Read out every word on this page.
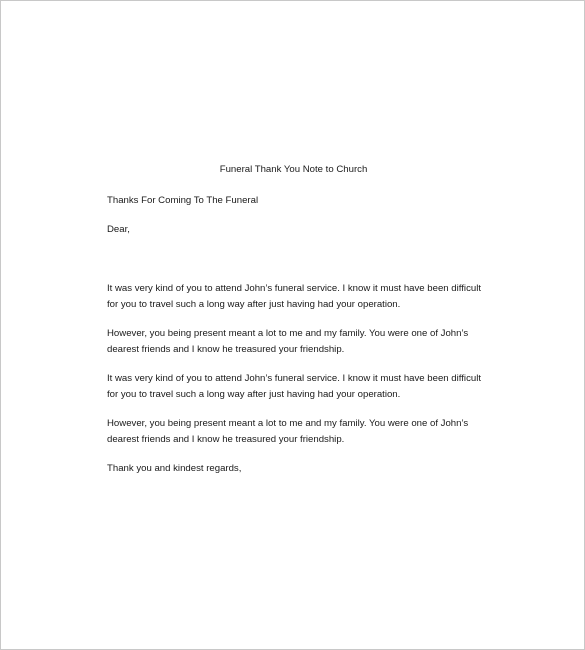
Funeral Thank You Note to Church
Thanks For Coming To The Funeral
Dear,
It was very kind of you to attend John’s funeral service. I know it must have been difficult
for you to travel such a long way after just having had your operation.
However, you being present meant a lot to me and my family. You were one of John’s
dearest friends and I know he treasured your friendship.
It was very kind of you to attend John’s funeral service. I know it must have been difficult
for you to travel such a long way after just having had your operation.
However, you being present meant a lot to me and my family. You were one of John’s
dearest friends and I know he treasured your friendship.
Thank you and kindest regards,
